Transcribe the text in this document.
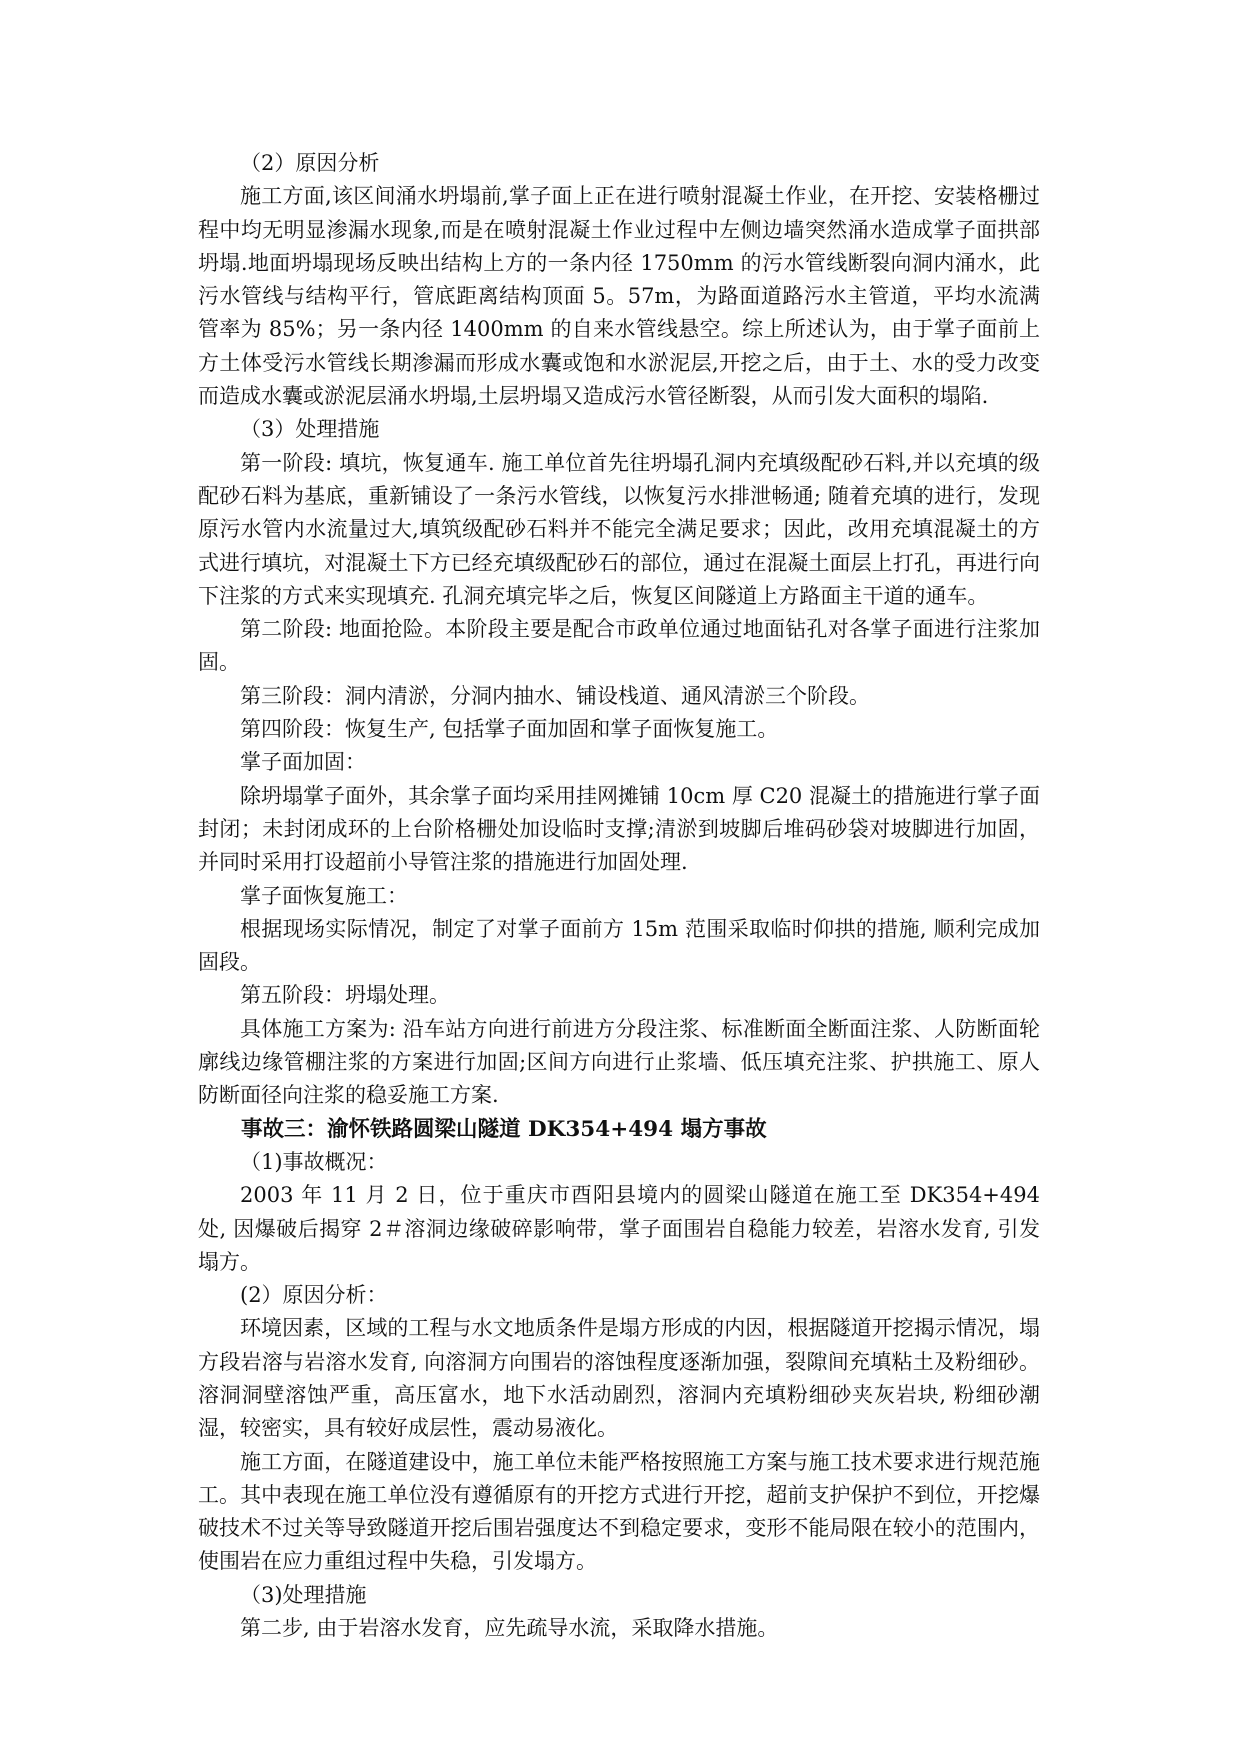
（2）原因分析

施工方面,该区间涌水坍塌前,掌子面上正在进行喷射混凝土作业，在开挖、安装格栅过程中均无明显渗漏水现象,而是在喷射混凝土作业过程中左侧边墙突然涌水造成掌子面拱部坍塌.地面坍塌现场反映出结构上方的一条内径 1750mm 的污水管线断裂向洞内涌水，此污水管线与结构平行，管底距离结构顶面 5。57m，为路面道路污水主管道，平均水流满管率为 85%；另一条内径 1400mm 的自来水管线悬空。综上所述认为，由于掌子面前上方土体受污水管线长期渗漏而形成水囊或饱和水淤泥层,开挖之后，由于土、水的受力改变而造成水囊或淤泥层涌水坍塌,土层坍塌又造成污水管径断裂，从而引发大面积的塌陷.

（3）处理措施

第一阶段: 填坑，恢复通车. 施工单位首先往坍塌孔洞内充填级配砂石料,并以充填的级配砂石料为基底，重新铺设了一条污水管线，以恢复污水排泄畅通; 随着充填的进行，发现原污水管内水流量过大,填筑级配砂石料并不能完全满足要求；因此，改用充填混凝土的方式进行填坑，对混凝土下方已经充填级配砂石的部位，通过在混凝土面层上打孔，再进行向下注浆的方式来实现填充. 孔洞充填完毕之后，恢复区间隧道上方路面主干道的通车。

第二阶段: 地面抢险。本阶段主要是配合市政单位通过地面钻孔对各掌子面进行注浆加固。

第三阶段：洞内清淤，分洞内抽水、铺设栈道、通风清淤三个阶段。

第四阶段：恢复生产, 包括掌子面加固和掌子面恢复施工。

掌子面加固：

除坍塌掌子面外，其余掌子面均采用挂网摊铺 10cm 厚 C20 混凝土的措施进行掌子面封闭；未封闭成环的上台阶格栅处加设临时支撑;清淤到坡脚后堆码砂袋对坡脚进行加固，并同时采用打设超前小导管注浆的措施进行加固处理.

掌子面恢复施工：

根据现场实际情况，制定了对掌子面前方 15m 范围采取临时仰拱的措施, 顺利完成加固段。

第五阶段：坍塌处理。

具体施工方案为: 沿车站方向进行前进方分段注浆、标准断面全断面注浆、人防断面轮廓线边缘管棚注浆的方案进行加固;区间方向进行止浆墙、低压填充注浆、护拱施工、原人防断面径向注浆的稳妥施工方案.

事故三：渝怀铁路圆梁山隧道 DK354+494 塌方事故

（1)事故概况：

2003 年 11 月 2 日，位于重庆市酉阳县境内的圆梁山隧道在施工至 DK354+494 处, 因爆破后揭穿 2＃溶洞边缘破碎影响带，掌子面围岩自稳能力较差，岩溶水发育, 引发塌方。

(2）原因分析：

环境因素，区域的工程与水文地质条件是塌方形成的内因，根据隧道开挖揭示情况，塌方段岩溶与岩溶水发育, 向溶洞方向围岩的溶蚀程度逐渐加强，裂隙间充填粘土及粉细砂。溶洞洞壁溶蚀严重，高压富水，地下水活动剧烈，溶洞内充填粉细砂夹灰岩块, 粉细砂潮湿，较密实，具有较好成层性，震动易液化。

施工方面，在隧道建设中，施工单位未能严格按照施工方案与施工技术要求进行规范施工。其中表现在施工单位没有遵循原有的开挖方式进行开挖，超前支护保护不到位，开挖爆破技术不过关等导致隧道开挖后围岩强度达不到稳定要求，变形不能局限在较小的范围内，使围岩在应力重组过程中失稳，引发塌方。

（3)处理措施

第二步, 由于岩溶水发育，应先疏导水流，采取降水措施。
